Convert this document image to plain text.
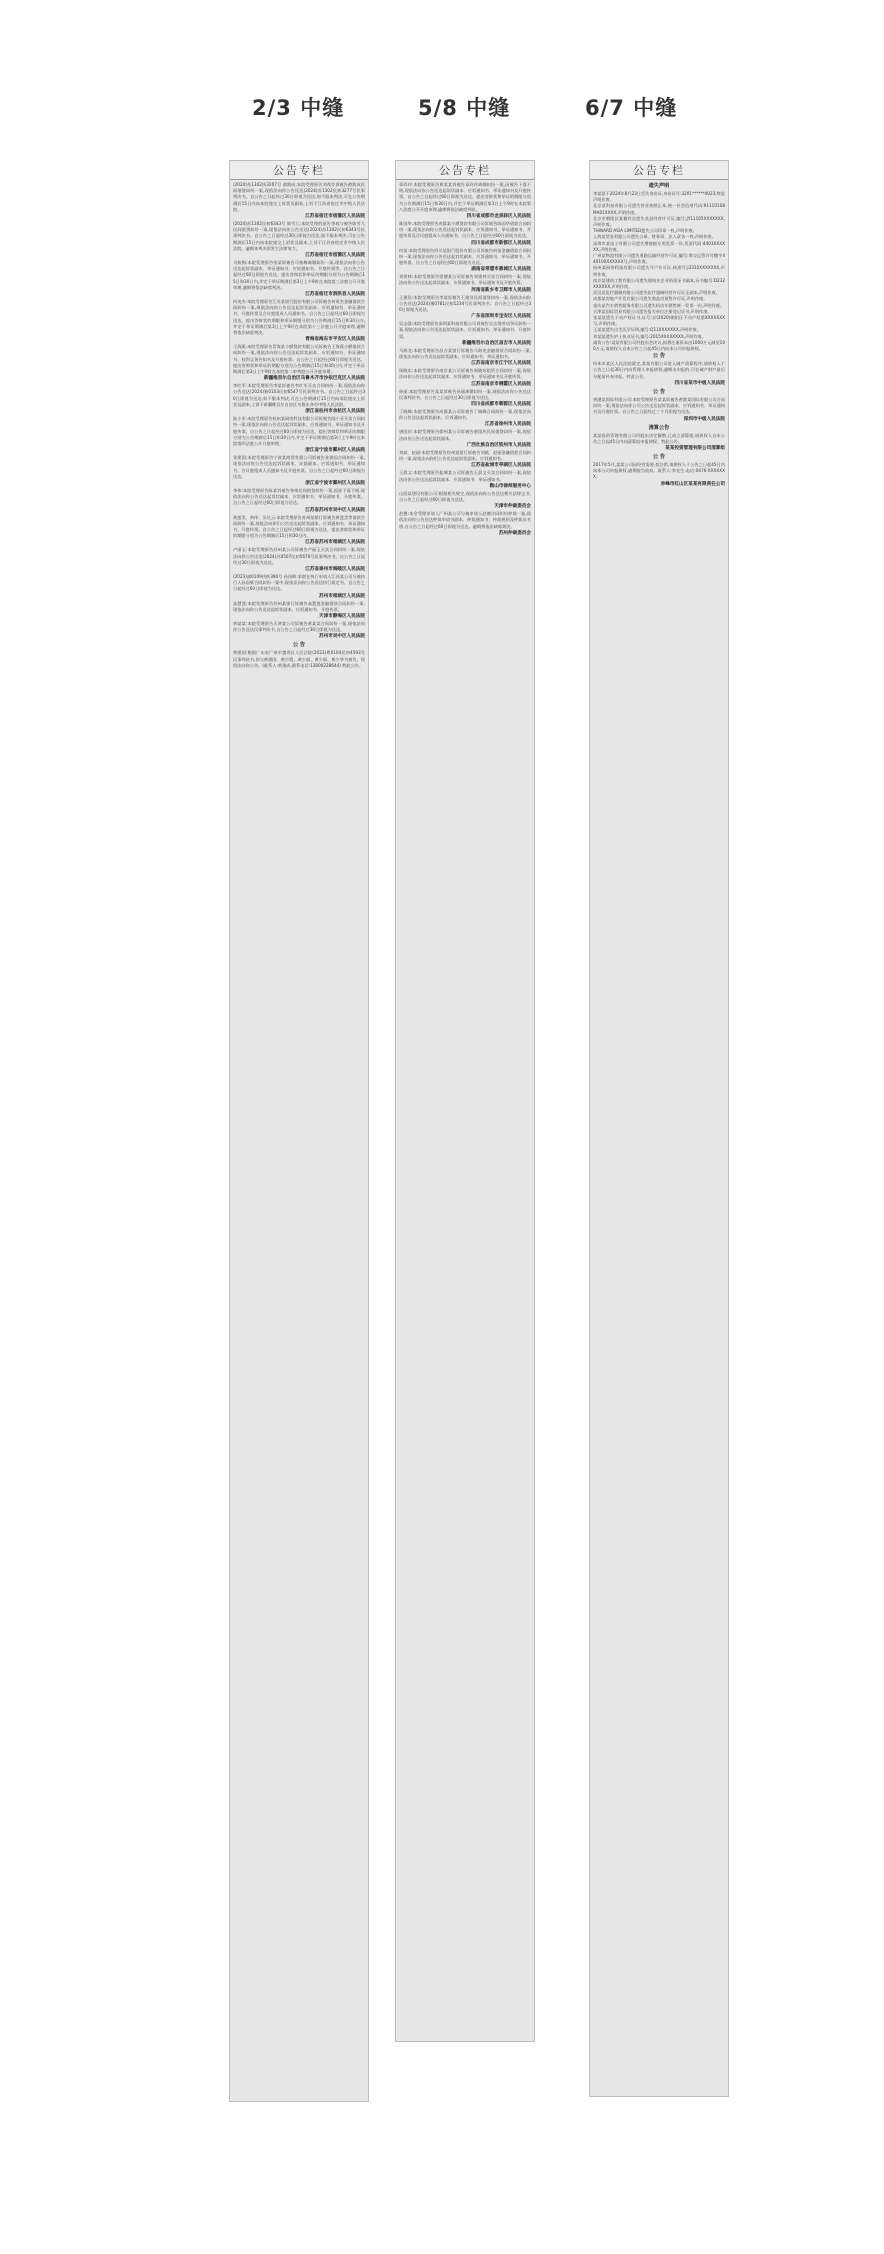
2/3 中缝	5/8 中缝	6/7 中缝
公告专栏

(2024)苏1302执3207号 俞润成:本院受理原告刘茂存诉被告俞润成民间借贷纠纷一案,现依法向你公告送达(2024)苏1302民初3277号民事判决书。自公告之日起经过30日即视为送达,如不服本判决,可在公告期满后15日内向本院递交上诉状及副本,上诉于江苏省宿迁市中级人民法院。

江苏省宿迁市宿豫区人民法院

(2024)苏1302民初6343号 陈雪儿:本院受理的原告李春与被告陈雪儿民间借贷纠纷一案,现依法向你公告送达(2024)苏1302民初6343号民事判决书。自公告之日起经过30日即视为送达,如不服本判决,可在公告期满后15日内向本院递交上诉状及副本,上诉于江苏省宿迁市中级人民法院。逾期本判决即发生法律效力。

江苏省宿迁市宿豫区人民法院

马秋梅:本院受理原告张某诉被告马秋梅离婚纠纷一案,现依法向你公告送达起诉状副本、举证通知书、应诉通知书、开庭传票等。自公告之日起经过60日即视为送达。提出答辩状和举证的期限分别为公告期满后15日和30日内,并定于举证期满后第3日上午9时在本院第三法庭公开开庭审理,逾期将依法缺席判决。

江苏省宿迁市泗洪县人民法院

何英杰:本院受理原告江苏某银行股份有限公司诉被告何英杰金融借款合同纠纷一案,现依法向你公告送达起诉状副本、应诉通知书、举证通知书、开庭传票及合议庭组成人员通知书。自公告之日起经过60日即视为送达。提出答辩状的期限和举证期限分别为公告期满后15日和30日内,并定于举证期满后第3日上午9时在本院第十三法庭公开开庭审理,逾期将依法缺席判决。

青海省海东市平安区人民法院

王海燕:本院受理原告青海某小额贷款有限公司诉被告王海燕小额借款合同纠纷一案,现依法向你公告送达起诉状副本、应诉通知书、举证通知书、权利义务告知书及开庭传票。自公告之日起经过60日即视为送达。提出答辩状和举证的期限分别为公告期满后15日和30日内,并定于举证期满后第3日上午9时在本院第二审判庭公开开庭审理。

新疆维吾尔自治区乌鲁木齐市沙依巴克区人民法院

李红军:本院受理原告李某诉被告李红军买卖合同纠纷一案,现依法向你公告送达(2024)新0103民初6547号民事判决书。自公告之日起经过30日即视为送达,如不服本判决,可在公告期满后15日内向本院递交上诉状及副本,上诉于新疆维吾尔自治区乌鲁木齐市中级人民法院。

浙江省杭州市余杭区人民法院

陆小亚:本院受理原告杭州某网络科技有限公司诉被告陆小亚买卖合同纠纷一案,现依法向你公告送达起诉状副本、应诉通知书、举证通知书及开庭传票。自公告之日起经过60日即视为送达。提出答辩状和举证的期限分别为公告期满后15日和30日内,并定于举证期满后第3日上午9时在本院第四法庭公开开庭审理。

浙江省宁波市鄞州区人民法院

张建国:本院受理原告宁波某商贸有限公司诉被告张建国合同纠纷一案,现依法向你公告送达起诉状副本、证据副本、应诉通知书、举证通知书、合议庭组成人员通知书及开庭传票。自公告之日起经过60日即视为送达。

浙江省宁波市鄞州区人民法院

李伟:本院受理原告陈某诉被告李伟民间借贷纠纷一案,因你下落不明,现依法向你公告送达起诉状副本、应诉通知书、举证通知书、开庭传票。自公告之日起经过60日即视为送达。

江苏省苏州市吴中区人民法院

黄莲美、黄伟、吴长云:本院受理原告苏州某银行诉被告黄莲美等借款合同纠纷一案,现依法向你们公告送达起诉状副本、应诉通知书、举证通知书、开庭传票。自公告之日起经过60日即视为送达。提出答辩状和举证的期限分别为公告期满后15日和30日内。

江苏省苏州市相城区人民法院

卢丽玉:本院受理原告苏州某公司诉被告卢丽玉买卖合同纠纷一案,现依法向你公告送达(2024)苏0507民初5670号民事判决书。自公告之日起经过30日即视为送达。

江苏省泰州市海陵区人民法院

(2023)渝0109执恢390号 孙国辉:本院在执行申请人江苏某公司与被执行人孙国辉合同纠纷一案中,现依法向你公告送达执行裁定书。自公告之日起经过60日即视为送达。

苏州市相城区人民法院

高慧莲:本院受理原告苏州某银行诉被告高慧莲金融借款合同纠纷一案,现依法向你公告送达起诉状副本、应诉通知书、开庭传票。

天津市静海区人民法院

黄某某:本院受理原告天津某公司诉被告黄某某合同纠纷一案,现依法向你公告送达民事判决书,自公告之日起经过30日即视为送达。

苏州市吴中区人民法院
公 告

黄建国:根据广东省广州市越秀区人民法院(2023)粤0104民初4593号民事判决书,你与黄建国、黄少霞、黄少斌、黄少丽、黄少华为被告。现依法向你公告。(联系人:黄建成,联系电话:13800228644) 特此公告。

公告专栏

章玲玲:本院受理原告黄某某诉被告章玲玲离婚纠纷一案,因被告下落不明,现依法向你公告送达起诉状副本、应诉通知书、举证通知书及开庭传票。自公告之日起经过60日即视为送达。提出答辩状和举证的期限分别为公告期满后15日和30日内,并定于举证期满后第3日上午9时在本院第八法庭公开开庭审理,逾期将依法缺席判决。

四川省成都市龙泉驿区人民法院

陈国华:本院受理原告成都某小额贷款有限公司诉被告陈国华借款合同纠纷一案,现依法向你公告送达起诉状副本、应诉通知书、举证通知书、开庭传票及合议庭组成人员通知书。自公告之日起经过60日即视为送达。

四川省成都市新都区人民法院

何苗:本院受理原告四川某银行股份有限公司诉被告何苗金融借款合同纠纷一案,现依法向你公告送达起诉状副本、应诉通知书、举证通知书、开庭传票。自公告之日起经过60日即视为送达。

湖南省常德市鼎城区人民法院

刘建林:本院受理原告常德某公司诉被告刘建林买卖合同纠纷一案,现依法向你公告送达起诉状副本、应诉通知书、举证通知书及开庭传票。

河南省新乡市卫辉市人民法院

王建设:本院受理原告李某诉被告王建设民间借贷纠纷一案,现依法向你公告送达(2024)豫0781民初1234号民事判决书。自公告之日起经过30日即视为送达。

广东省深圳市宝安区人民法院

吴志强:本院受理原告深圳某科技有限公司诉被告吴志强劳动争议纠纷一案,现依法向你公告送达起诉状副本、应诉通知书、举证通知书、开庭传票。

新疆维吾尔自治区昌吉市人民法院

马海龙:本院受理原告昌吉某银行诉被告马海龙金融借款合同纠纷一案,现依法向你公告送达起诉状副本、应诉通知书、举证通知书。

江苏省南京市江宁区人民法院

周晓东:本院受理原告南京某公司诉被告周晓东租赁合同纠纷一案,现依法向你公告送达起诉状副本、应诉通知书、举证通知书及开庭传票。

江苏省南京市栖霞区人民法院

孙丽:本院受理原告某某诉被告孙丽离婚纠纷一案,现依法向你公告送达民事判决书。自公告之日起经过30日即视为送达。

四川省成都市郫都区人民法院

丁晓峰:本院受理原告成都某公司诉被告丁晓峰合同纠纷一案,现依法向你公告送达起诉状副本、应诉通知书。

江苏省徐州市人民法院

唐国庆:本院受理原告徐州某公司诉被告唐国庆民间借贷纠纷一案,现依法向你公告送达起诉状副本。

广西壮族自治区钦州市人民法院

刘斌、赵丽:本院受理原告钦州某银行诉被告刘斌、赵丽金融借款合同纠纷一案,现依法向你们公告送达起诉状副本、应诉通知书。

江苏省盐城市亭湖区人民法院

王晨文:本院受理原告盐城某公司诉被告王晨文买卖合同纠纷一案,现依法向你公告送达起诉状副本、应诉通知书、举证通知书。

鞍山市律师服务中心

山西某建设有限公司:根据相关规定,现依法向你公告送达相关法律文书,自公告之日起经过60日即视为送达。

天津市仲裁委员会

赵德:本会受理申请人广州某公司与被申请人赵德合同纠纷仲裁一案,现依法向你公告送达仲裁申请书副本、仲裁通知书、仲裁规则及仲裁员名册,自公告之日起经过60日即视为送达。逾期将依法缺席裁决。

苏州仲裁委员会
公告专栏
遗失声明

李某某于2024年8月23日丢失身份证,身份证号:3201******0023,特此声明作废。

北京某科技有限公司遗失营业执照正本,统一社会信用代码:91110108MA01XXXX,声明作废。

北京市朝阳区某餐饮店遗失食品经营许可证,编号:JY11105XXXXXXX,声明作废。

THINARD ASIA LIMITED遗失公司印章一枚,声明作废。

上海某贸易有限公司遗失公章、财务章、法人章各一枚,声明作废。

深圳市某电子有限公司遗失增值税专用发票一份,发票代码:4403XXXXXX,声明作废。

广州某物流有限公司遗失道路运输经营许可证,编号:粤交运管许可穗字440100XXXXXX号,声明作废。

杭州某网络科技有限公司遗失开户许可证,核准号:J3310XXXXXXX,声明作废。

南京某建筑工程有限公司遗失建筑业企业资质证书副本,证书编号:D232XXXXXX,声明作废。

武汉某医疗器械有限公司遗失医疗器械经营许可证正副本,声明作废。

成都某房地产开发有限公司遗失商品房预售许可证,声明作废。

重庆某汽车销售服务有限公司遗失机动车销售统一发票一份,声明作废。

天津某国际贸易有限公司遗失报关单位注册登记证书,声明作废。

张某某遗失不动产权证书,证号:京(2020)朝阳区不动产权第XXXXXXX号,声明作废。

王某某遗失出生医学证明,编号:Q110XXXXXX,声明作废。

刘某某遗失护士执业证书,编号:2015XXXXXXXX,声明作废。

减资公告:某某有限公司经股东会决议,拟将注册资本由1000万元减至100万元,请债权人自本公告之日起45日内向本公司申报债权。

公 告

经本市某区人民法院裁定,某某有限公司进入破产清算程序,请债权人于公告之日起30日内向管理人申报债权,逾期未申报的,可在破产财产最后分配前补充申报。特此公告。

四川省某市中级人民法院
公 告

香港某国际有限公司:本院受理原告某某诉被告香港某国际有限公司合同纠纷一案,现依法向你公司公告送达起诉状副本、应诉通知书、举证通知书及开庭传票。自公告之日起经过三个月即视为送达。

深圳市中级人民法院
清算公告

某某投资管理有限公司经股东决定解散,已成立清算组,请债权人自本公告之日起45日内向清算组申报债权。特此公告。

某某投资管理有限公司清算组
公 告

2017年5月,某某公司因经营需要,拟注销,请债权人于公告之日起45日内向本公司申报债权,逾期视为放弃。联系人:李先生,电话:0476-XXXXXXX。

赤峰市红山区某某有限责任公司
